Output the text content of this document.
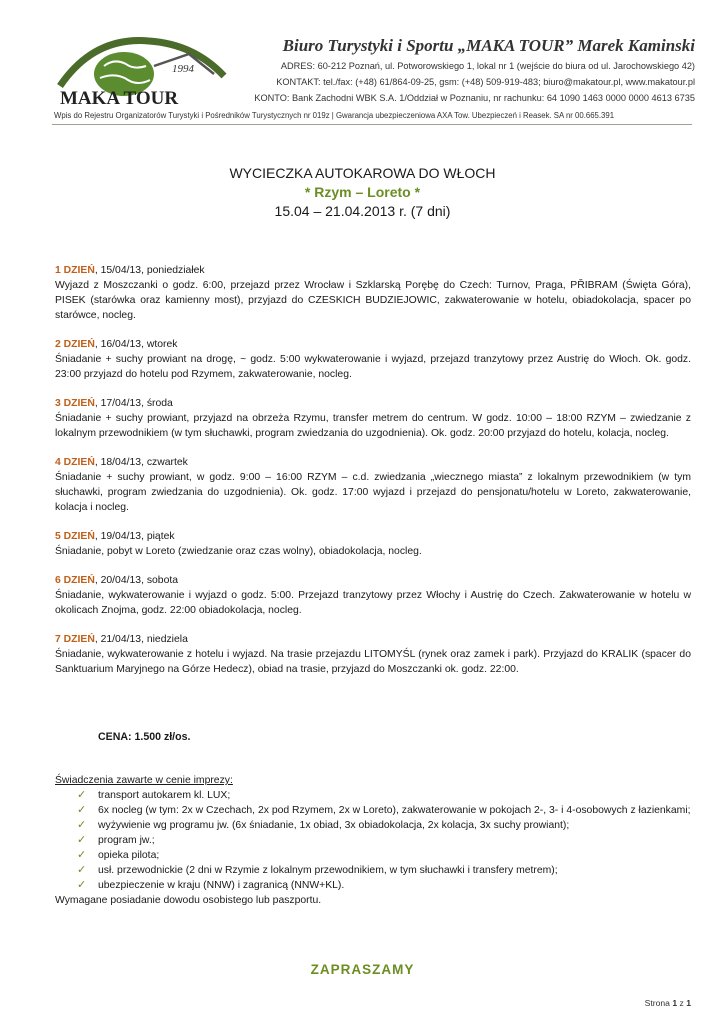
1994
MAKA TOUR
Biuro Turystyki i Sportu „MAKA TOUR” Marek Kaminski
ADRES: 60-212 Poznań, ul. Potworowskiego 1, lokal nr 1 (wejście do biura od ul. Jarochowskiego 42)
KONTAKT: tel./fax: (+48) 61/864-09-25, gsm: (+48) 509-919-483; biuro@makatour.pl, www.makatour.pl
KONTO: Bank Zachodni WBK S.A. 1/Oddział w Poznaniu, nr rachunku: 64 1090 1463 0000 0000 4613 6735
Wpis do Rejestru Organizatorów Turystyki i Pośredników Turystycznych nr 019z | Gwarancja ubezpieczeniowa AXA Tow. Ubezpieczeń i Reasek. SA nr 00.665.391
WYCIECZKA AUTOKAROWA DO WŁOCH
* Rzym – Loreto *
15.04 – 21.04.2013 r. (7 dni)
1 DZIEŃ, 15/04/13, poniedziałek
Wyjazd z Moszczanki o godz. 6:00, przejazd przez Wrocław i Szklarską Porębę do Czech: Turnov, Praga, PŘIBRAM (Święta Góra), PISEK (starówka oraz kamienny most), przyjazd do CZESKICH BUDZIEJOWIC, zakwaterowanie w hotelu, obiadokolacja, spacer po starówce, nocleg.
2 DZIEŃ, 16/04/13, wtorek
Śniadanie + suchy prowiant na drogę, ~ godz. 5:00 wykwaterowanie i wyjazd, przejazd tranzytowy przez Austrię do Włoch. Ok. godz. 23:00 przyjazd do hotelu pod Rzymem, zakwaterowanie, nocleg.
3 DZIEŃ, 17/04/13, środa
Śniadanie + suchy prowiant, przyjazd na obrzeża Rzymu, transfer metrem do centrum. W godz. 10:00 – 18:00 RZYM – zwiedzanie z lokalnym przewodnikiem (w tym słuchawki, program zwiedzania do uzgodnienia). Ok. godz. 20:00 przyjazd do hotelu, kolacja, nocleg.
4 DZIEŃ, 18/04/13, czwartek
Śniadanie + suchy prowiant, w godz. 9:00 – 16:00 RZYM – c.d. zwiedzania „wiecznego miasta” z lokalnym przewodnikiem (w tym słuchawki, program zwiedzania do uzgodnienia). Ok. godz. 17:00 wyjazd i przejazd do pensjonatu/hotelu w Loreto, zakwaterowanie, kolacja i nocleg.
5 DZIEŃ, 19/04/13, piątek
Śniadanie, pobyt w Loreto (zwiedzanie oraz czas wolny), obiadokolacja, nocleg.
6 DZIEŃ, 20/04/13, sobota
Śniadanie, wykwaterowanie i wyjazd o godz. 5:00. Przejazd tranzytowy przez Włochy i Austrię do Czech. Zakwaterowanie w hotelu w okolicach Znojma, godz. 22:00 obiadokolacja, nocleg.
7 DZIEŃ, 21/04/13, niedziela
Śniadanie, wykwaterowanie z hotelu i wyjazd. Na trasie przejazdu LITOMYŚL (rynek oraz zamek i park). Przyjazd do KRALIK (spacer do Sanktuarium Maryjnego na Górze Hedecz), obiad na trasie, przyjazd do Moszczanki ok. godz. 22:00.
CENA: 1.500 zł/os.
Świadczenia zawarte w cenie imprezy:
✓ transport autokarem kl. LUX;
✓ 6x nocleg (w tym: 2x w Czechach, 2x pod Rzymem, 2x w Loreto), zakwaterowanie w pokojach 2-, 3- i 4-osobowych z łazienkami;
✓ wyżywienie wg programu jw. (6x śniadanie, 1x obiad, 3x obiadokolacja, 2x kolacja, 3x suchy prowiant);
✓ program jw.;
✓ opieka pilota;
✓ usł. przewodnickie (2 dni w Rzymie z lokalnym przewodnikiem, w tym słuchawki i transfery metrem);
✓ ubezpieczenie w kraju (NNW) i zagranicą (NNW+KL).
Wymagane posiadanie dowodu osobistego lub paszportu.
ZAPRASZAMY
Strona 1 z 1
